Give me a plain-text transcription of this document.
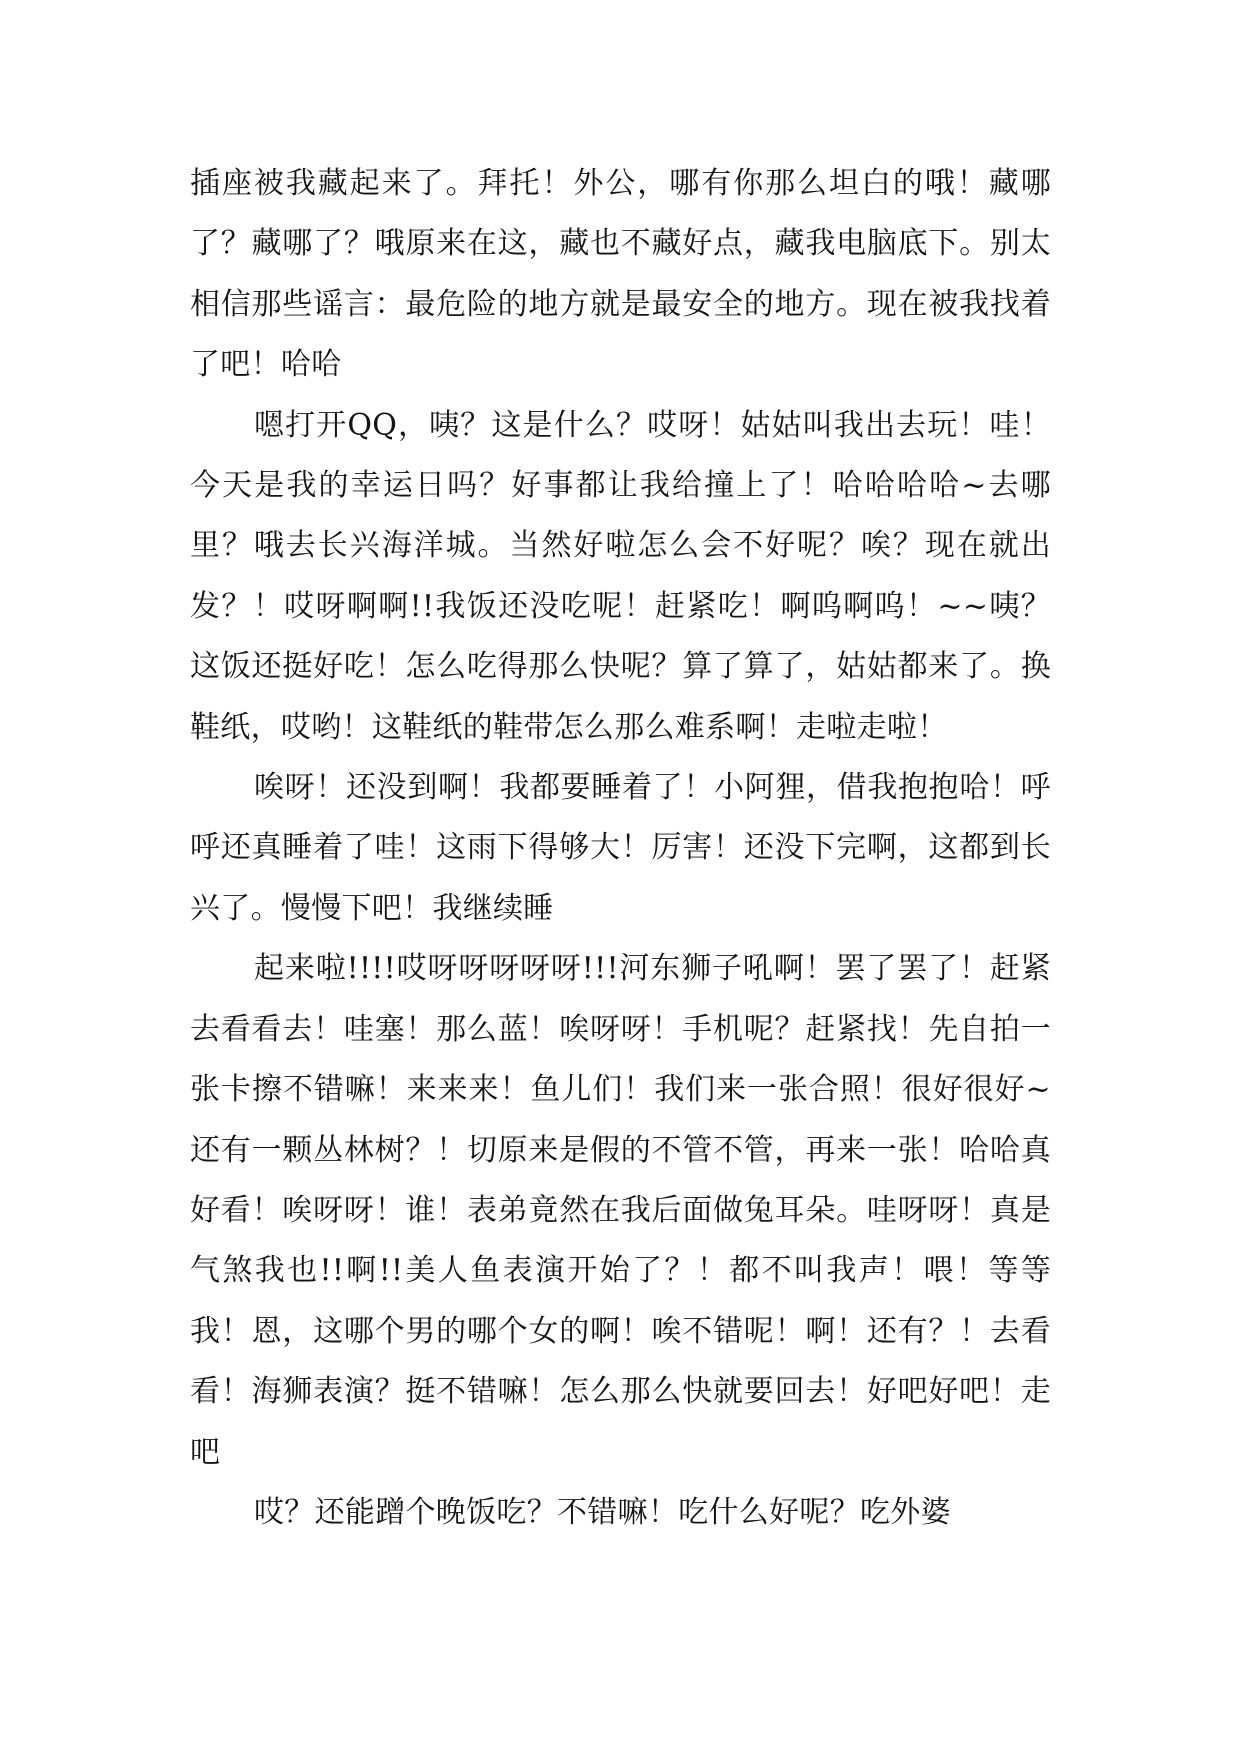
插座被我藏起来了。拜托！外公，哪有你那么坦白的哦！藏哪了？藏哪了？哦原来在这，藏也不藏好点，藏我电脑底下。别太相信那些谣言：最危险的地方就是最安全的地方。现在被我找着了吧！哈哈

嗯打开QQ，咦？这是什么？哎呀！姑姑叫我出去玩！哇！今天是我的幸运日吗？好事都让我给撞上了！哈哈哈哈~去哪里？哦去长兴海洋城。当然好啦怎么会不好呢？唉？现在就出发？！哎呀啊啊!!我饭还没吃呢！赶紧吃！啊呜啊呜！~~咦？这饭还挺好吃！怎么吃得那么快呢？算了算了，姑姑都来了。换鞋纸，哎哟！这鞋纸的鞋带怎么那么难系啊！走啦走啦！

唉呀！还没到啊！我都要睡着了！小阿狸，借我抱抱哈！呼呼还真睡着了哇！这雨下得够大！厉害！还没下完啊，这都到长兴了。慢慢下吧！我继续睡

起来啦!!!!哎呀呀呀呀呀!!!河东狮子吼啊！罢了罢了！赶紧去看看去！哇塞！那么蓝！唉呀呀！手机呢？赶紧找！先自拍一张卡擦不错嘛！来来来！鱼儿们！我们来一张合照！很好很好~还有一颗丛林树？！切原来是假的不管不管，再来一张！哈哈真好看！唉呀呀！谁！表弟竟然在我后面做兔耳朵。哇呀呀！真是气煞我也!!啊!!美人鱼表演开始了？！都不叫我声！喂！等等我！恩，这哪个男的哪个女的啊！唉不错呢！啊！还有？！去看看！海狮表演？挺不错嘛！怎么那么快就要回去！好吧好吧！走吧

哎？还能蹭个晚饭吃？不错嘛！吃什么好呢？吃外婆
